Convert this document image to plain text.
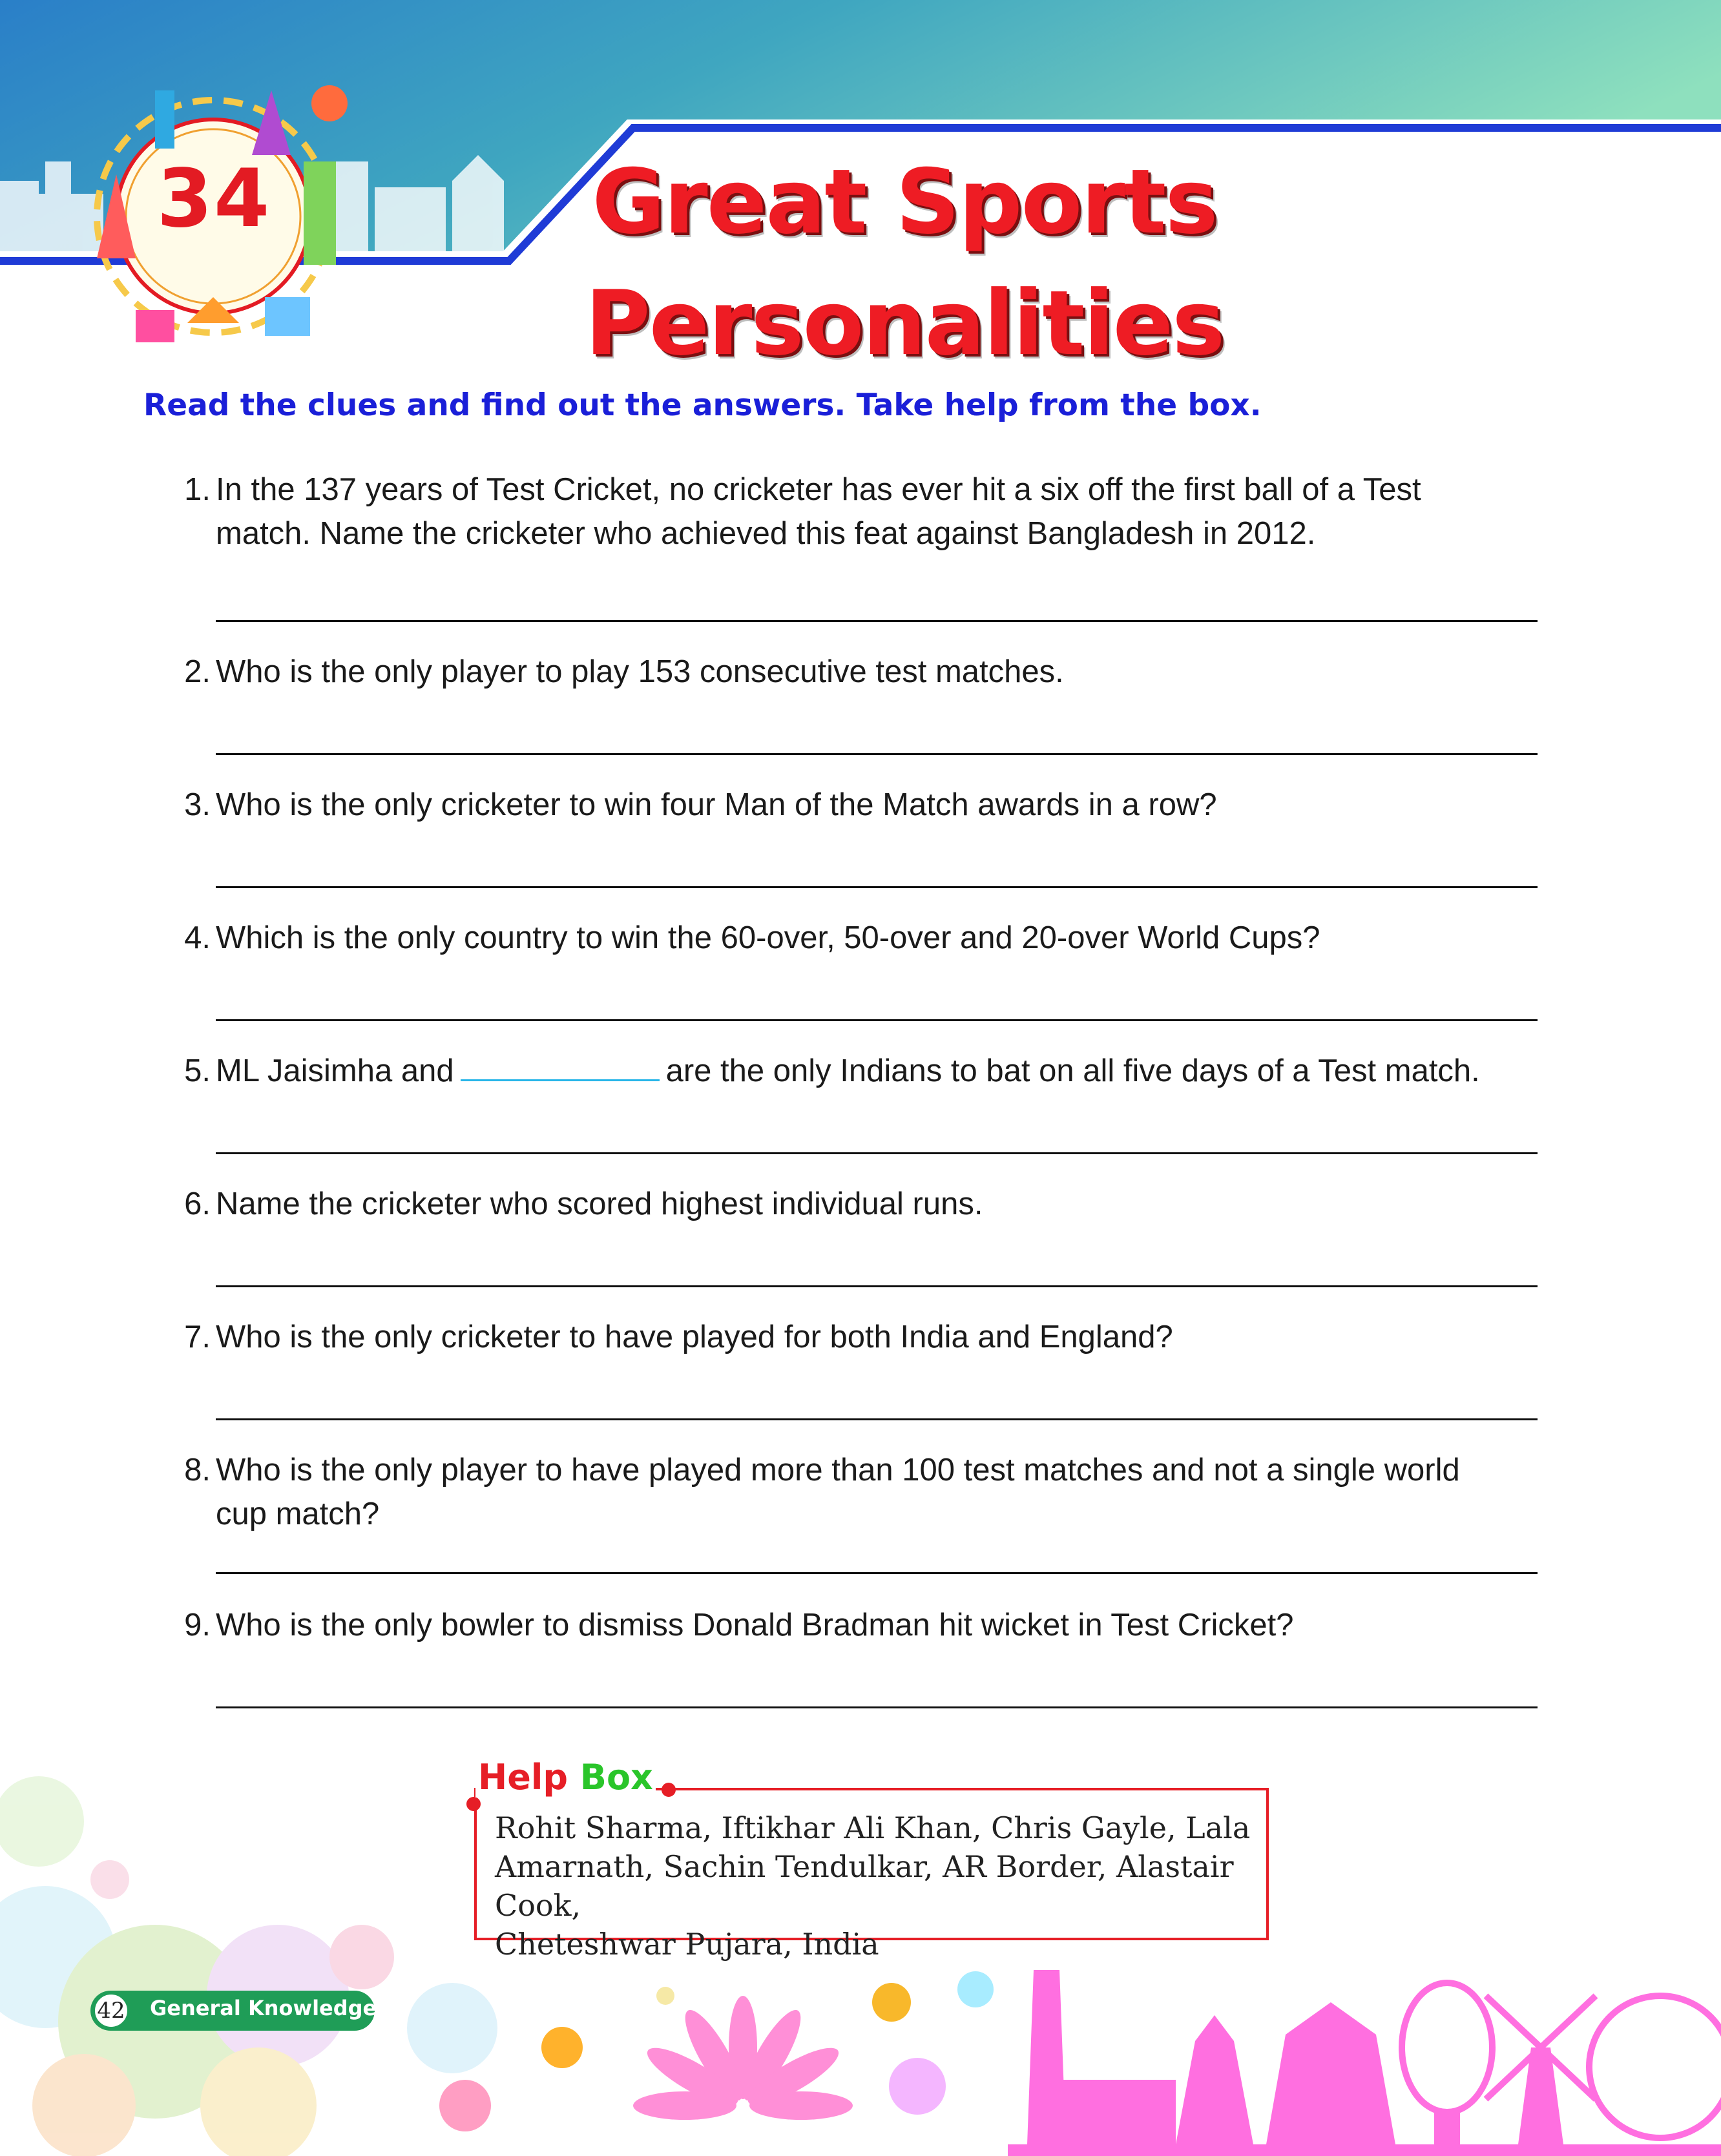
34	Great Sports
Personalities
Read the clues and find out the answers. Take help from the box.
1. In the 137 years of Test Cricket, no cricketer has ever hit a six off the first ball of a Test
match. Name the cricketer who achieved this feat against Bangladesh in 2012.
2. Who is the only player to play 153 consecutive test matches.
3. Who is the only cricketer to win four Man of the Match awards in a row?
4. Which is the only country to win the 60-over, 50-over and 20-over World Cups?
5. ML Jaisimha and	are the only Indians to bat on all five days of a Test match.
6. Name the cricketer who scored highest individual runs.
7. Who is the only cricketer to have played for both India and England?
8. Who is the only player to have played more than 100 test matches and not a single world
cup match?
9. Who is the only bowler to dismiss Donald Bradman hit wicket in Test Cricket?
Help Box
Rohit Sharma, Iftikhar Ali Khan, Chris Gayle, Lala
Amarnath, Sachin Tendulkar, AR Border, Alastair Cook,
Cheteshwar Pujara, India
42 General Knowledge-8
